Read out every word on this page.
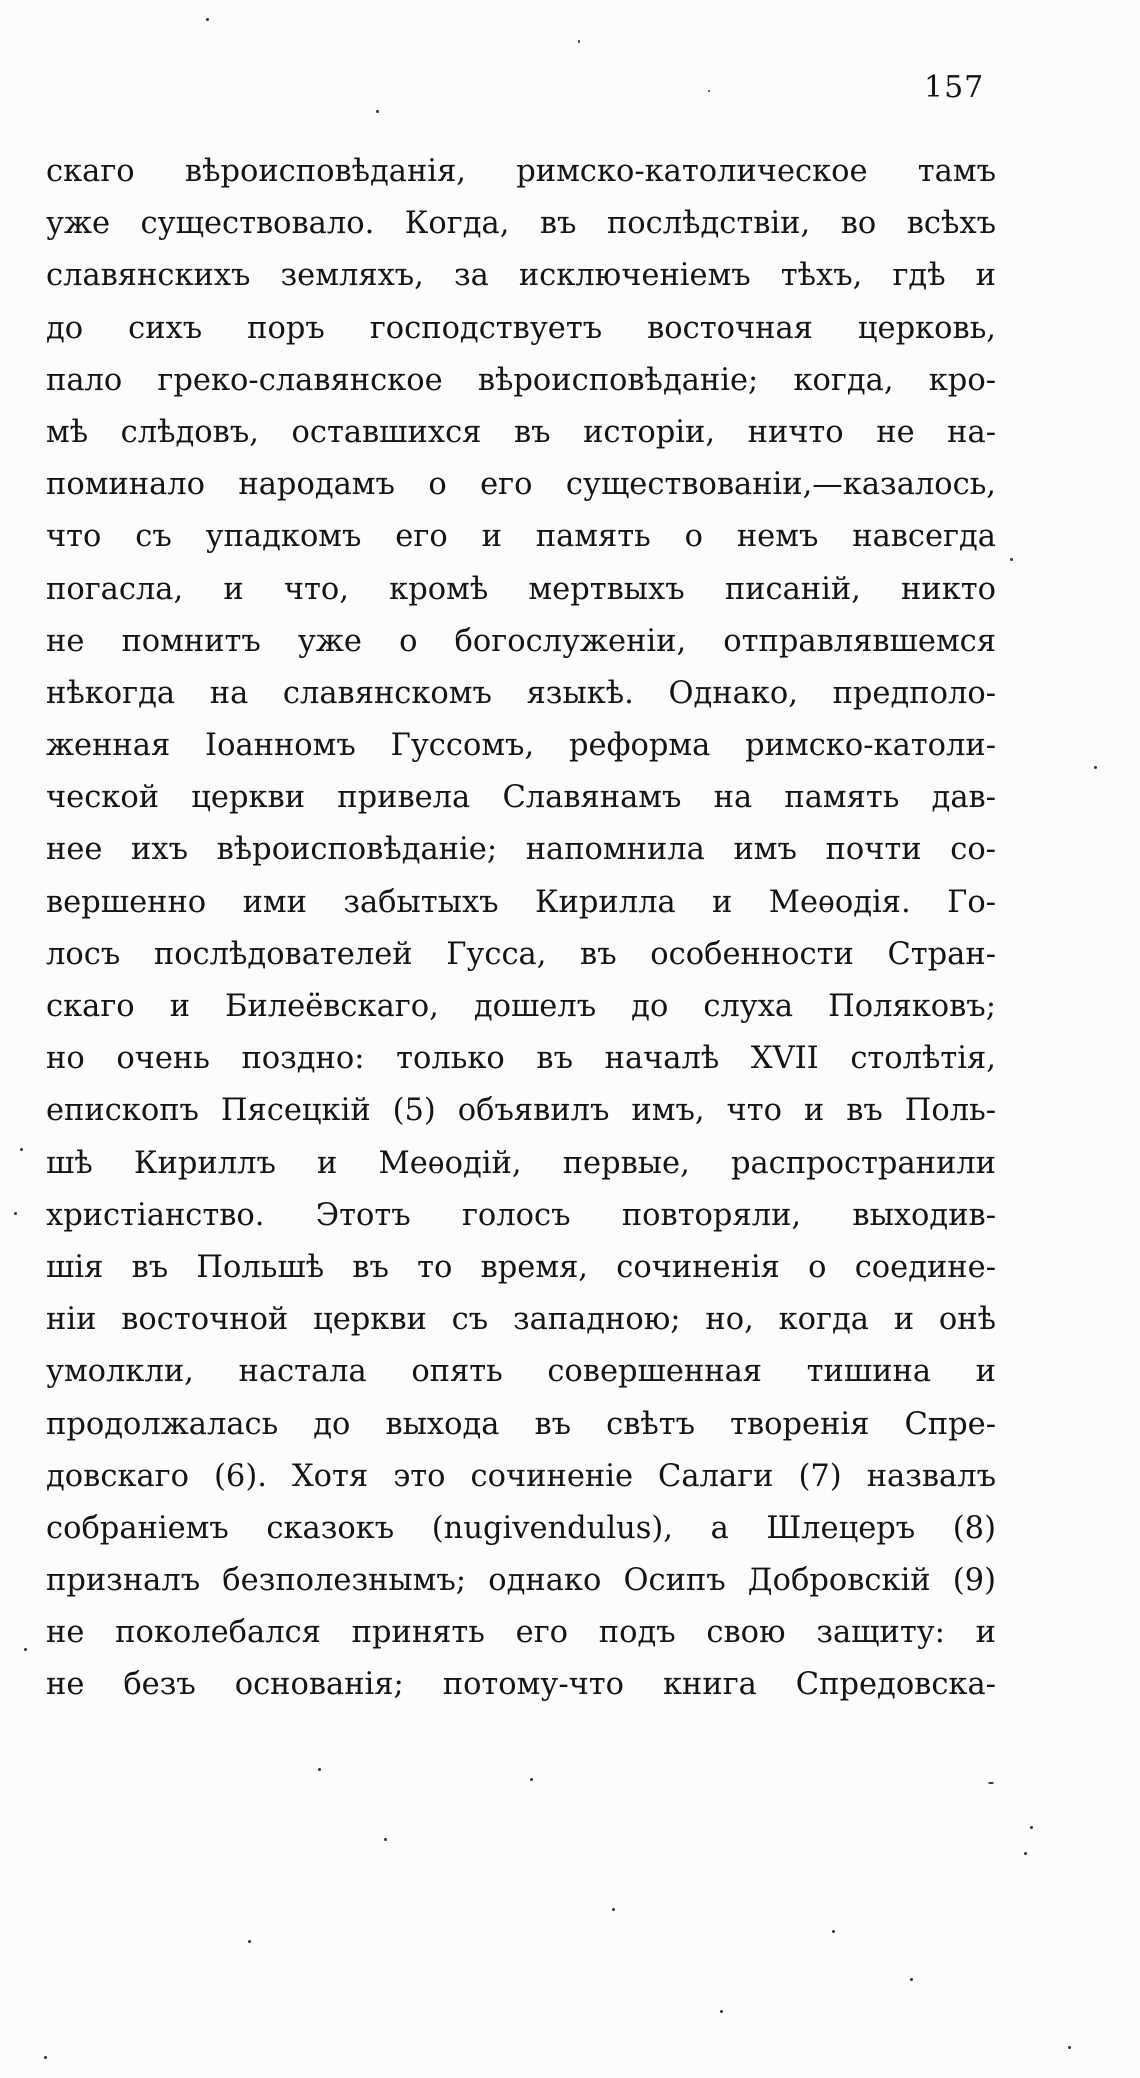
157
скаго вѣроисповѣданія, римско-католическое тамъ
уже существовало. Когда, въ послѣдствіи, во всѣхъ
славянскихъ земляхъ, за исключеніемъ тѣхъ, гдѣ и
до сихъ поръ господствуетъ восточная церковь,
пало греко-славянское вѣроисповѣданіе; когда, кро-
мѣ слѣдовъ, оставшихся въ исторіи, ничто не на-
поминало народамъ о его существованіи,—казалось,
что съ упадкомъ его и память о немъ навсегда
погасла, и что, кромѣ мертвыхъ писаній, никто
не помнитъ уже о богослуженіи, отправлявшемся
нѣкогда на славянскомъ языкѣ. Однако, предполо-
женная Іоанномъ Гуссомъ, реформа римско-католи-
ческой церкви привела Славянамъ на память дав-
нее ихъ вѣроисповѣданіе; напомнила имъ почти со-
вершенно ими забытыхъ Кирилла и Меѳодія. Го-
лосъ послѣдователей Гусса, въ особенности Стран-
скаго и Билеёвскаго, дошелъ до слуха Поляковъ;
но очень поздно: только въ началѣ XVII столѣтія,
епископъ Пясецкій (5) объявилъ имъ, что и въ Поль-
шѣ Кириллъ и Меѳодій, первые, распространили
христіанство. Этотъ голосъ повторяли, выходив-
шія въ Польшѣ въ то время, сочиненія о соедине-
ніи восточной церкви съ западною; но, когда и онѣ
умолкли, настала опять совершенная тишина и
продолжалась до выхода въ свѣтъ творенія Спре-
довскаго (6). Хотя это сочиненіе Салаги (7) назвалъ
собраніемъ сказокъ (nugivendulus), а Шлецеръ (8)
призналъ безполезнымъ; однако Осипъ Добровскій (9)
не поколебался принять его подъ свою защиту: и
не безъ основанія; потому-что книга Спредовска-
